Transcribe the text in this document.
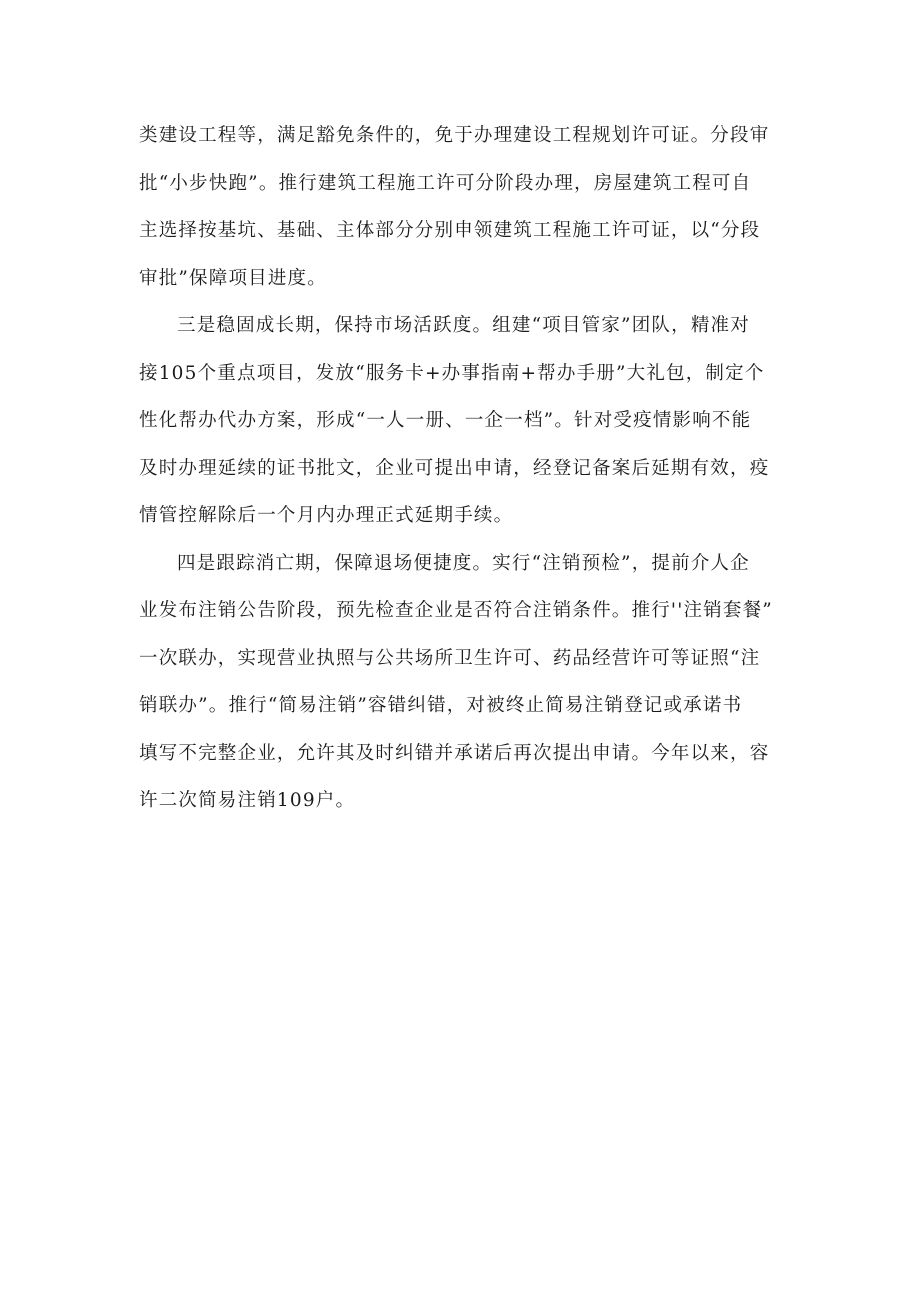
类建设工程等，满足豁免条件的，免于办理建设工程规划许可证。分段审
批“小步快跑”。推行建筑工程施工许可分阶段办理，房屋建筑工程可自
主选择按基坑、基础、主体部分分别申领建筑工程施工许可证，以“分段
审批”保障项目进度。

三是稳固成长期，保持市场活跃度。组建“项目管家”团队，精准对
接105个重点项目，发放“服务卡+办事指南+帮办手册”大礼包，制定个
性化帮办代办方案，形成“一人一册、一企一档”。针对受疫情影响不能
及时办理延续的证书批文，企业可提出申请，经登记备案后延期有效，疫
情管控解除后一个月内办理正式延期手续。

四是跟踪消亡期，保障退场便捷度。实行“注销预检”，提前介人企
业发布注销公告阶段，预先检查企业是否符合注销条件。推行''注销套餐”
一次联办，实现营业执照与公共场所卫生许可、药品经营许可等证照“注
销联办”。推行“简易注销”容错纠错，对被终止简易注销登记或承诺书
填写不完整企业，允许其及时纠错并承诺后再次提出申请。今年以来，容
许二次简易注销109户。
